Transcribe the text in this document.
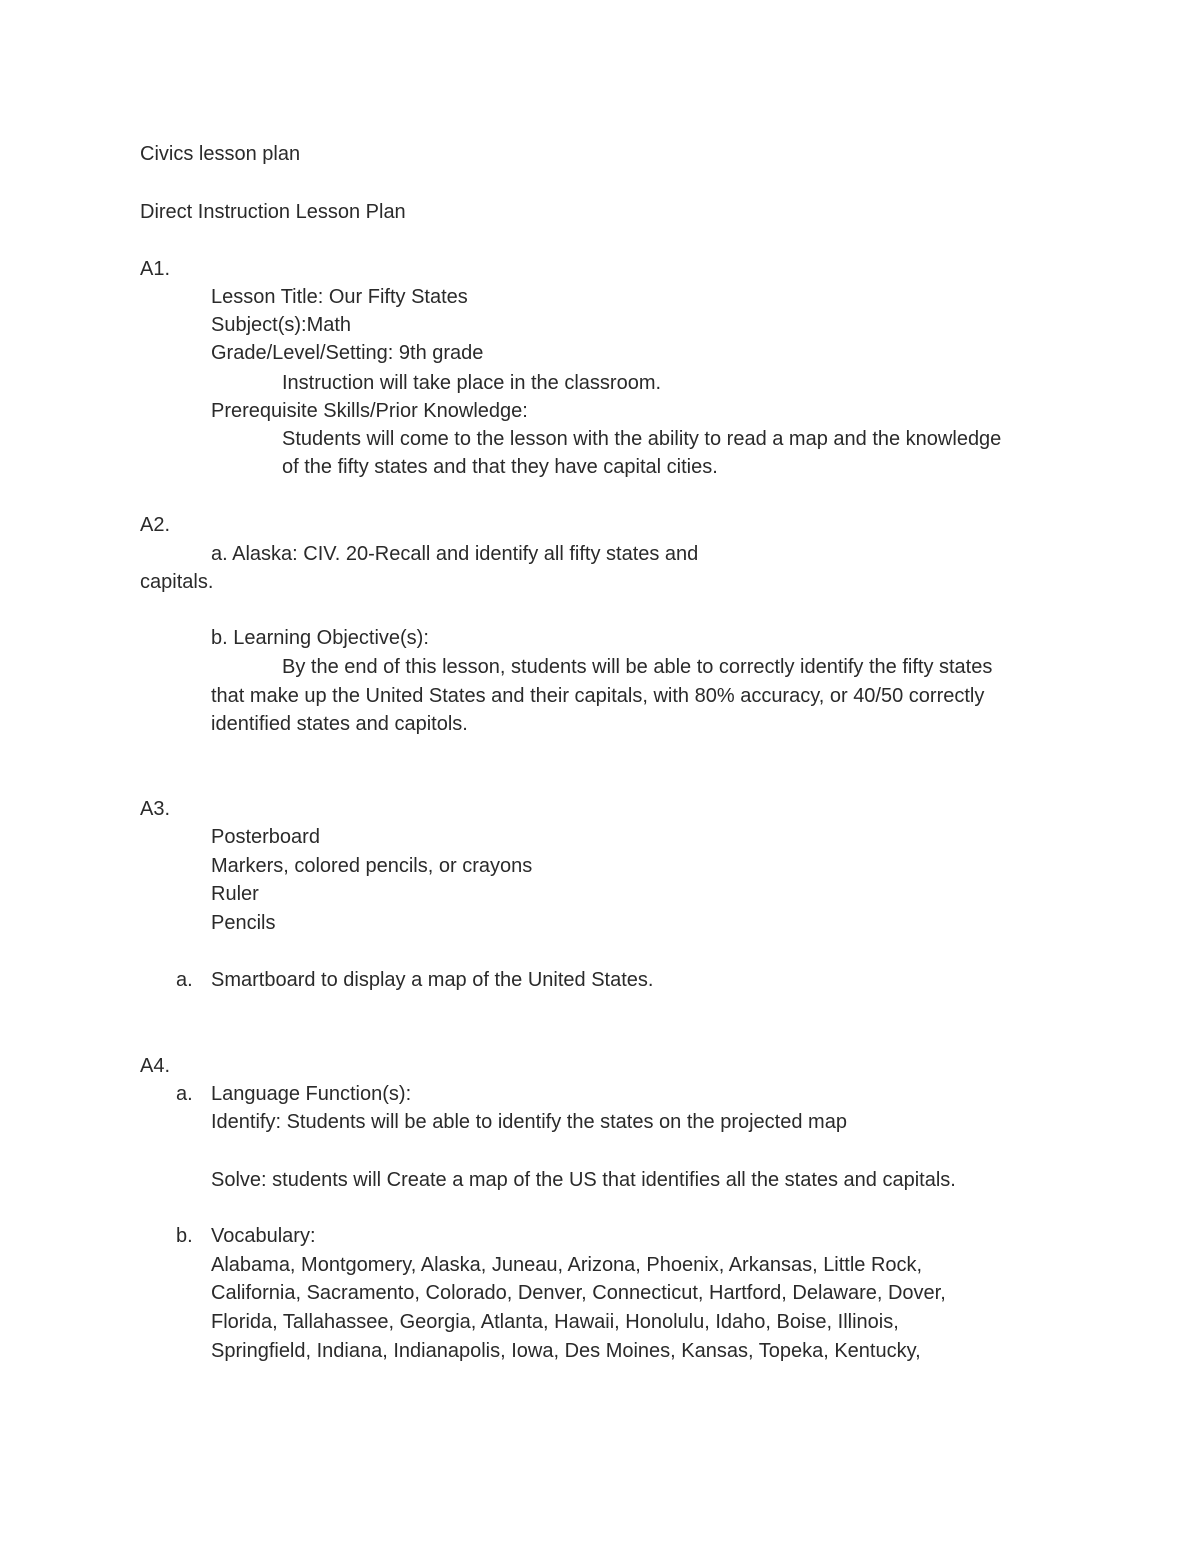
Civics lesson plan

Direct Instruction Lesson Plan

A1.

Lesson Title: Our Fifty States

Subject(s):Math

Grade/Level/Setting: 9th grade

Instruction will take place in the classroom.

Prerequisite Skills/Prior Knowledge:

Students will come to the lesson with the ability to read a map and the knowledge

of the fifty states and that they have capital cities.

A2.

a. Alaska: CIV. 20-Recall and identify all fifty states and

capitals.

b. Learning Objective(s):

By the end of this lesson, students will be able to correctly identify the fifty states

that make up the United States and their capitals, with 80% accuracy, or 40/50 correctly

identified states and capitols.

A3.

Posterboard

Markers, colored pencils, or crayons

Ruler

Pencils

a. Smartboard to display a map of the United States.

A4.

a. Language Function(s):

Identify: Students will be able to identify the states on the projected map

Solve: students will Create a map of the US that identifies all the states and capitals.

b. Vocabulary:

Alabama, Montgomery, Alaska, Juneau, Arizona, Phoenix, Arkansas, Little Rock,

California, Sacramento, Colorado, Denver, Connecticut, Hartford, Delaware, Dover,

Florida, Tallahassee, Georgia, Atlanta, Hawaii, Honolulu, Idaho, Boise, Illinois,

Springfield, Indiana, Indianapolis, Iowa, Des Moines, Kansas, Topeka, Kentucky,
